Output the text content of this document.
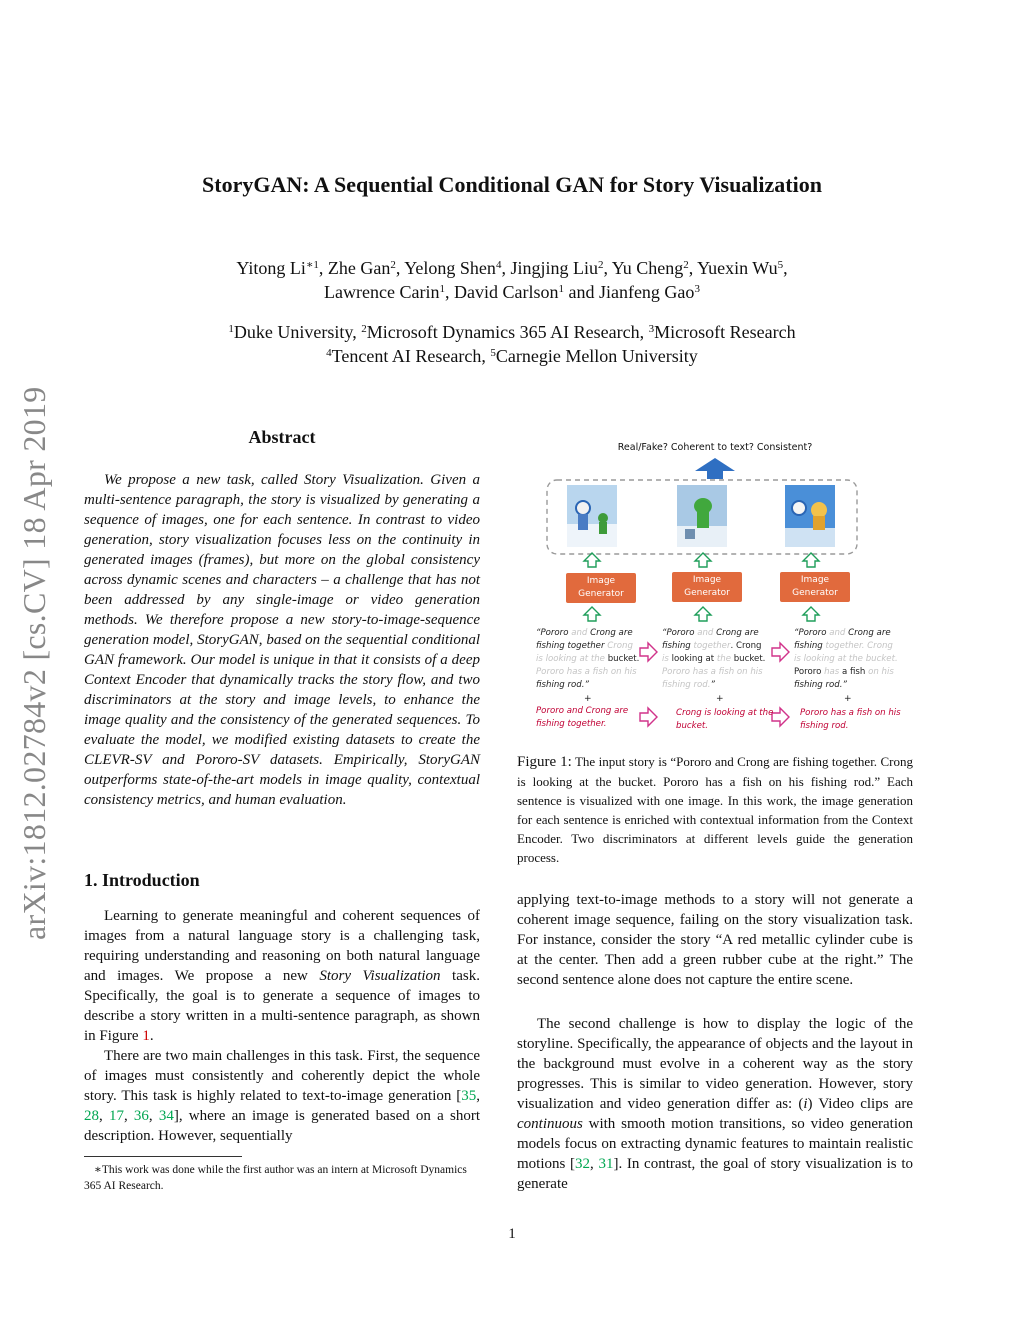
arXiv:1812.02784v2 [cs.CV] 18 Apr 2019
StoryGAN: A Sequential Conditional GAN for Story Visualization
Yitong $Li^{∗1}$, Zhe Gan$^2$, Yelong Shen$^4$, Jingjing Liu$^2$, Yu Cheng$^2$, Yuexin Wu$^5$,
Lawrence Carin$^1$, David Carlson$^1$ and Jianfeng Gao$^3$
$^1$Duke University, $^2$Microsoft Dynamics 365 AI Research, $^3$Microsoft Research
$^4$Tencent AI Research, $^5$Carnegie Mellon University
Abstract

We propose a new task, called Story Visualization. Given a multi-sentence paragraph, the story is visualized by generating a sequence of images, one for each sentence. In contrast to video generation, story visualization focuses less on the continuity in generated images (frames), but more on the global consistency across dynamic scenes and characters – a challenge that has not been addressed by any single-image or video generation methods. We therefore propose a new story-to-image-sequence generation model, StoryGAN, based on the sequential conditional GAN framework. Our model is unique in that it consists of a deep Context Encoder that dynamically tracks the story flow, and two discriminators at the story and image levels, to enhance the image quality and the consistency of the generated sequences. To evaluate the model, we modified existing datasets to create the CLEVR-SV and Pororo-SV datasets. Empirically, StoryGAN outperforms state-of-the-art models in image quality, contextual consistency metrics, and human evaluation.

1. Introduction

Learning to generate meaningful and coherent sequences of images from a natural language story is a challenging task, requiring understanding and reasoning on both natural language and images. We propose a new Story Visualization task. Specifically, the goal is to generate a sequence of images to describe a story written in a multi-sentence paragraph, as shown in Figure 1.

There are two main challenges in this task. First, the sequence of images must consistently and coherently depict the whole story. This task is highly related to text-to-image generation [35, 28, 17, 36, 34], where an image is generated based on a short description. However, sequentially

∗This work was done while the first author was an intern at Microsoft Dynamics 365 AI Research.

Real/Fake? Coherent to text? Consistent?
Image
Generator
Image
Generator
Image
Generator
“Pororo and Crong are fishing together Crong is looking at the bucket. Pororo has a fish on his fishing rod.”
“Pororo and Crong are fishing together. Crong is looking at the bucket. Pororo has a fish on his fishing rod.”
“Pororo and Crong are fishing together. Crong is looking at the bucket. Pororo has a fish on his fishing rod.”
+	+	+
Pororo and Crong are fishing together.
Crong is looking at the bucket.
Pororo has a fish on his fishing rod.

Figure 1: The input story is “Pororo and Crong are fishing together. Crong is looking at the bucket. Pororo has a fish on his fishing rod.” Each sentence is visualized with one image. In this work, the image generation for each sentence is enriched with contextual information from the Context Encoder. Two discriminators at different levels guide the generation process.

applying text-to-image methods to a story will not generate a coherent image sequence, failing on the story visualization task. For instance, consider the story “A red metallic cylinder cube is at the center. Then add a green rubber cube at the right.” The second sentence alone does not capture the entire scene.

The second challenge is how to display the logic of the storyline. Specifically, the appearance of objects and the layout in the background must evolve in a coherent way as the story progresses. This is similar to video generation. However, story visualization and video generation differ as: (i) Video clips are continuous with smooth motion transitions, so video generation models focus on extracting dynamic features to maintain realistic motions [32, 31]. In contrast, the goal of story visualization is to generate

1
